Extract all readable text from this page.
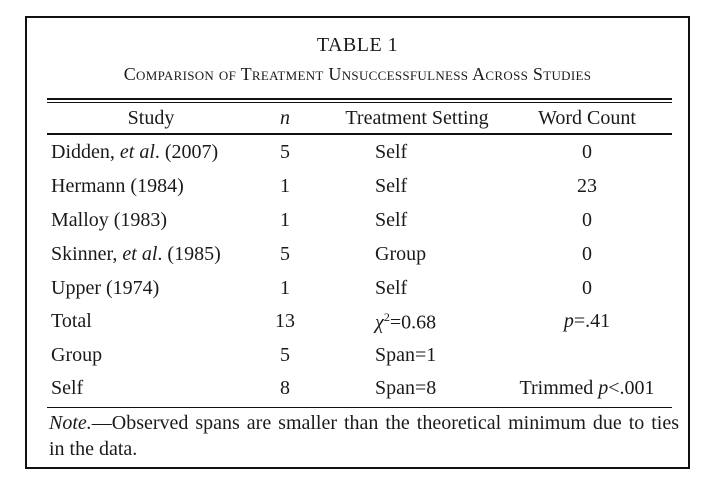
TABLE 1
Comparison of Treatment Unsuccessfulness Across Studies
Study	n	Treatment Setting	Word Count
Didden, et al. (2007)	5	Self	0
Hermann (1984)	1	Self	23
Malloy (1983)	1	Self	0
Skinner, et al. (1985)	5	Group	0
Upper (1974)	1	Self	0
Total	13	$\chi^2=0.68$	p=.41
Group	5	Span=1
Self	8	Span=8	Trimmed p<.001
Note.—Observed spans are smaller than the theoretical minimum due to ties in the data.
